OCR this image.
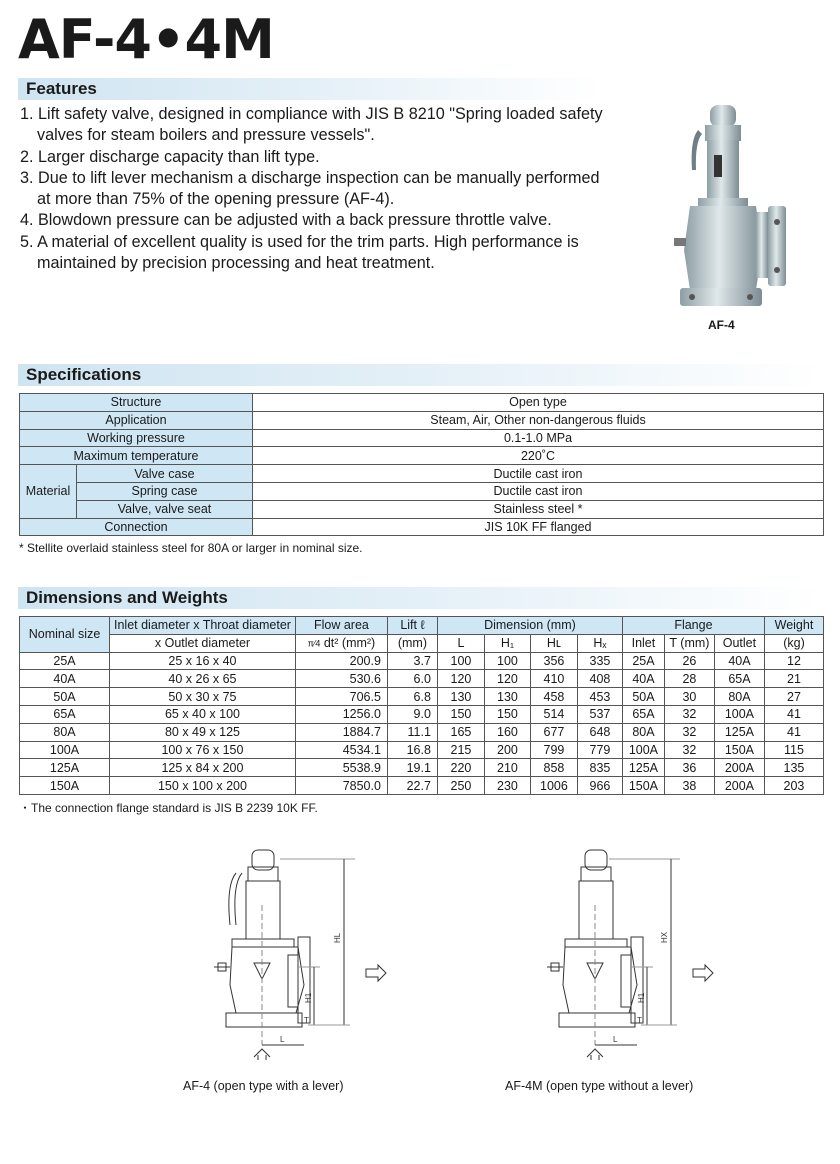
AF-4•4M
Features
1. Lift safety valve, designed in compliance with JIS B 8210 "Spring loaded safety valves for steam boilers and pressure vessels".
2. Larger discharge capacity than lift type.
3. Due to lift lever mechanism a discharge inspection can be manually performed at more than 75% of the opening pressure (AF-4).
4. Blowdown pressure can be adjusted with a back pressure throttle valve.
5. A material of excellent quality is used for the trim parts. High performance is maintained by precision processing and heat treatment.
AF-4
Specifications
Structure		Open type
Application		Steam, Air, Other non-dangerous fluids
Working pressure		0.1-1.0 MPa
Maximum temperature		220˚C
Material	Valve case	Ductile cast iron
	Spring case	Ductile cast iron
	Valve, valve seat	Stainless steel *
Connection		JIS 10K FF flanged
* Stellite overlaid stainless steel for 80A or larger in nominal size.
Dimensions and Weights
Nominal size	Inlet diameter x Throat diameter	Flow area	Lift ℓ	Dimension (mm)				Flange			Weight
	x Outlet diameter	π⁄4 dt² (mm²)	(mm)	L	H₁	Hʟ	Hₓ	Inlet	T (mm)	Outlet	(kg)
25A	25 x 16 x 40	200.9	3.7	100	100	356	335	25A	26	40A	12
40A	40 x 26 x 65	530.6	6.0	120	120	410	408	40A	28	65A	21
50A	50 x 30 x 75	706.5	6.8	130	130	458	453	50A	30	80A	27
65A	65 x 40 x 100	1256.0	9.0	150	150	514	537	65A	32	100A	41
80A	80 x 49 x 125	1884.7	11.1	165	160	677	648	80A	32	125A	41
100A	100 x 76 x 150	4534.1	16.8	215	200	799	779	100A	32	150A	115
125A	125 x 84 x 200	5538.9	19.1	220	210	858	835	125A	36	200A	135
150A	150 x 100 x 200	7850.0	22.7	250	230	1006	966	150A	38	200A	203
・The connection flange standard is JIS B 2239 10K FF.
HL
H1
T
L
AF-4 (open type with a lever)
HX
H1
T
L
AF-4M (open type without a lever)
